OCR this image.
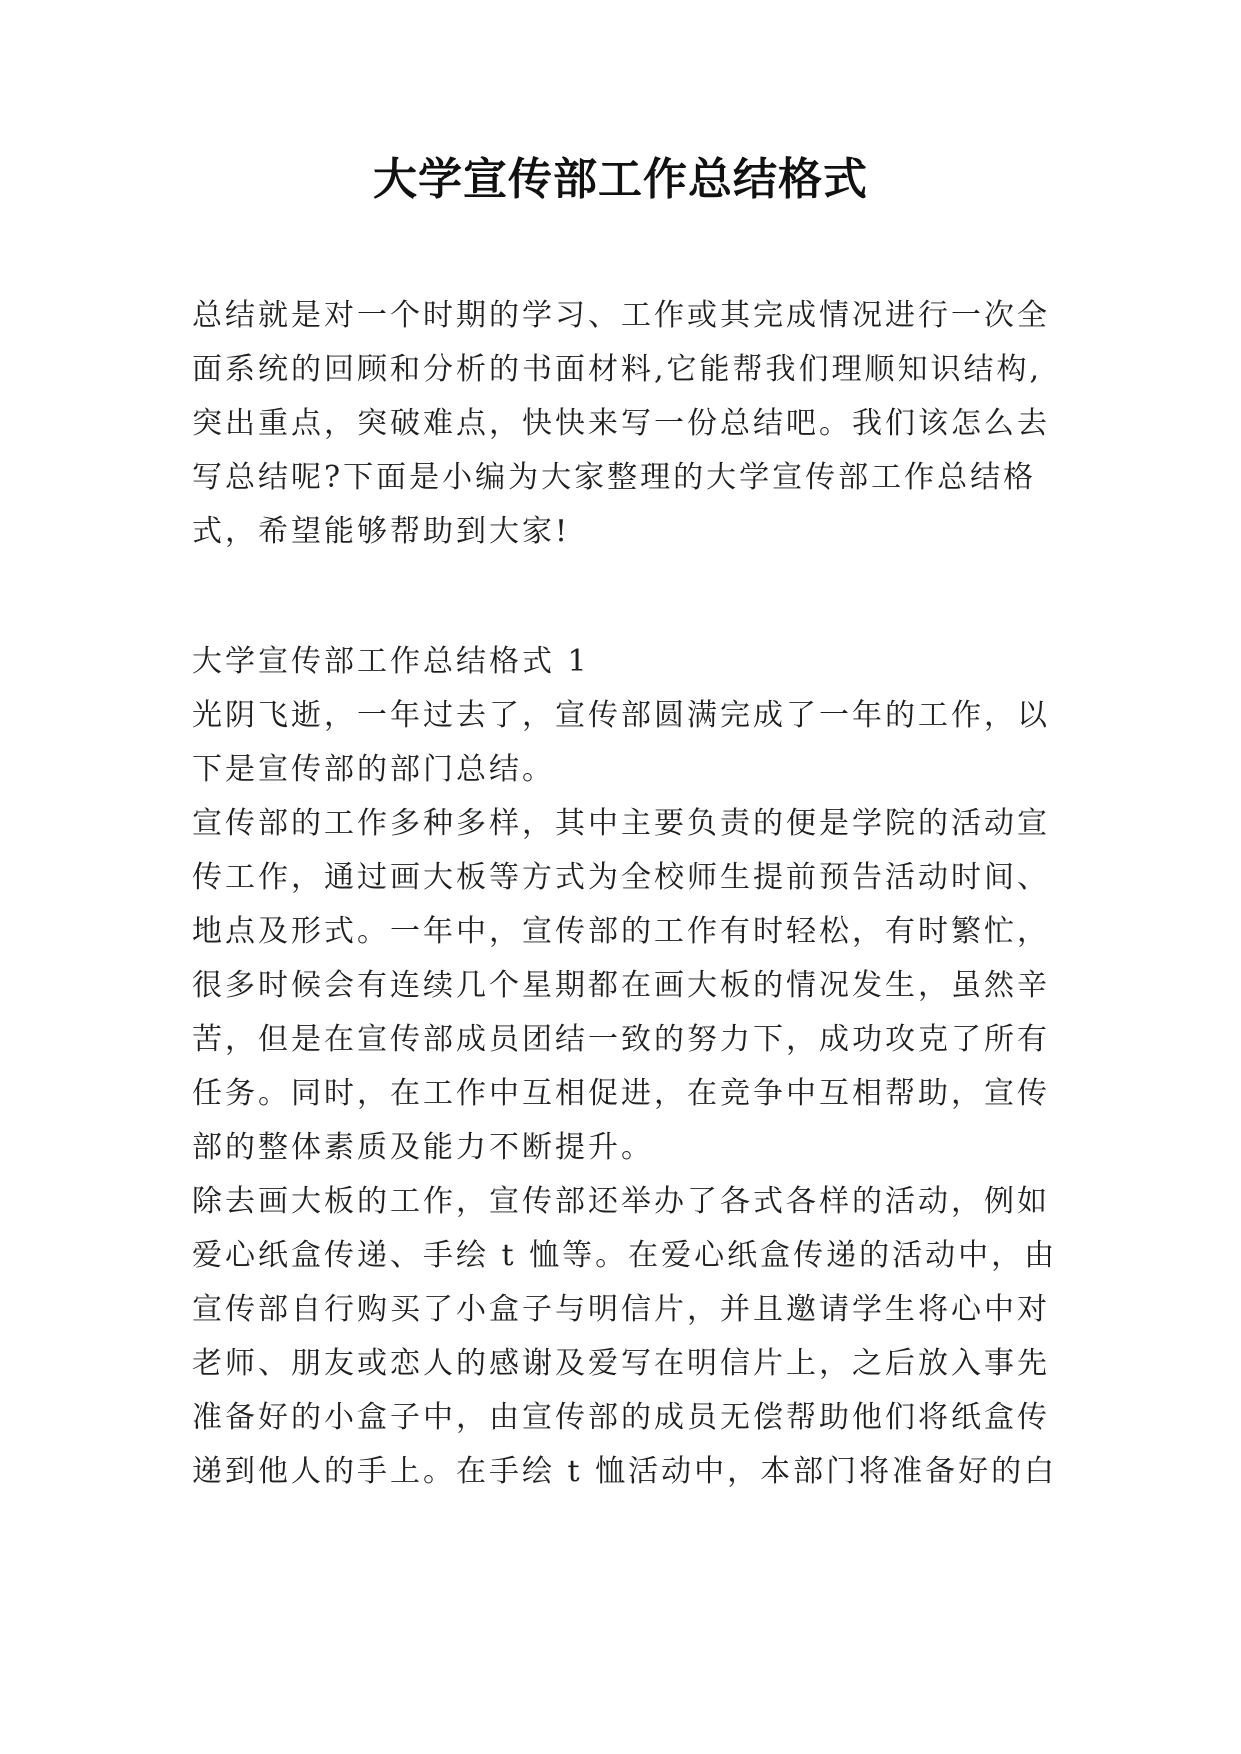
大学宣传部工作总结格式
总结就是对一个时期的学习、工作或其完成情况进行一次全
面系统的回顾和分析的书面材料,它能帮我们理顺知识结构,
突出重点，突破难点，快快来写一份总结吧。我们该怎么去
写总结呢?下面是小编为大家整理的大学宣传部工作总结格
式，希望能够帮助到大家!
大学宣传部工作总结格式 1
光阴飞逝，一年过去了，宣传部圆满完成了一年的工作，以
下是宣传部的部门总结。
宣传部的工作多种多样，其中主要负责的便是学院的活动宣
传工作，通过画大板等方式为全校师生提前预告活动时间、
地点及形式。一年中，宣传部的工作有时轻松，有时繁忙，
很多时候会有连续几个星期都在画大板的情况发生，虽然辛
苦，但是在宣传部成员团结一致的努力下，成功攻克了所有
任务。同时，在工作中互相促进，在竞争中互相帮助，宣传
部的整体素质及能力不断提升。
除去画大板的工作，宣传部还举办了各式各样的活动，例如
爱心纸盒传递、手绘 t 恤等。在爱心纸盒传递的活动中，由
宣传部自行购买了小盒子与明信片，并且邀请学生将心中对
老师、朋友或恋人的感谢及爱写在明信片上，之后放入事先
准备好的小盒子中，由宣传部的成员无偿帮助他们将纸盒传
递到他人的手上。在手绘 t 恤活动中，本部门将准备好的白
